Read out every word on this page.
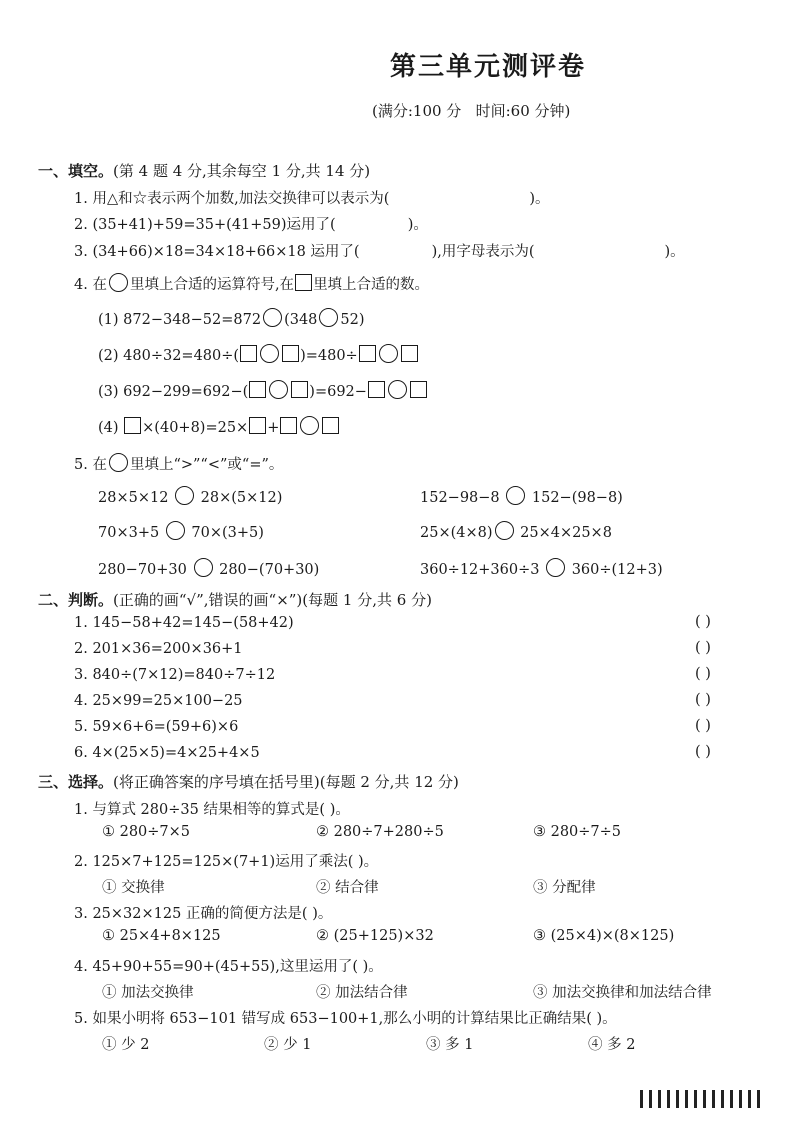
第三单元测评卷
(满分:100 分   时间:60 分钟)
一、填空。(第 4 题 4 分,其余每空 1 分,共 14 分)
1. 用△和☆表示两个加数,加法交换律可以表示为(	)。
2. (35+41)+59=35+(41+59)运用了(	)。
3. (34+66)×18=34×18+66×18 运用了(	),用字母表示为(	)。
4. 在 里填上合适的运算符号,在 里填上合适的数。
(1) 872−348−52=872 (348 52)
(2) 480÷32=480÷(	)=480÷
(3) 692−299=692−(	)=692−
(4) ×(40+8)=25× +
5. 在 里填上“>”“<”或“=”。
28×5×12 28×(5×12)	152−98−8 152−(98−8)
70×3+5 70×(3+5)	25×(4×8) 25×4×25×8
280−70+30 280−(70+30)	360÷12+360÷3 360÷(12+3)
二、判断。(正确的画“√”,错误的画“×”)(每题 1 分,共 6 分)
1. 145−58+42=145−(58+42)	( )
2. 201×36=200×36+1	( )
3. 840÷(7×12)=840÷7÷12	( )
4. 25×99=25×100−25	( )
5. 59×6+6=(59+6)×6	( )
6. 4×(25×5)=4×25+4×5	( )
三、选择。(将正确答案的序号填在括号里)(每题 2 分,共 12 分)
1. 与算式 280÷35 结果相等的算式是( )。
① 280÷7×5	② 280÷7+280÷5	③ 280÷7÷5
2. 125×7+125=125×(7+1)运用了乘法( )。
① 交换律	② 结合律	③ 分配律
3. 25×32×125 正确的简便方法是( )。
① 25×4+8×125	② (25+125)×32	③ (25×4)×(8×125)
4. 45+90+55=90+(45+55),这里运用了( )。
① 加法交换律	② 加法结合律	③ 加法交换律和加法结合律
5. 如果小明将 653−101 错写成 653−100+1,那么小明的计算结果比正确结果( )。
① 少 2	② 少 1	③ 多 1	④ 多 2
